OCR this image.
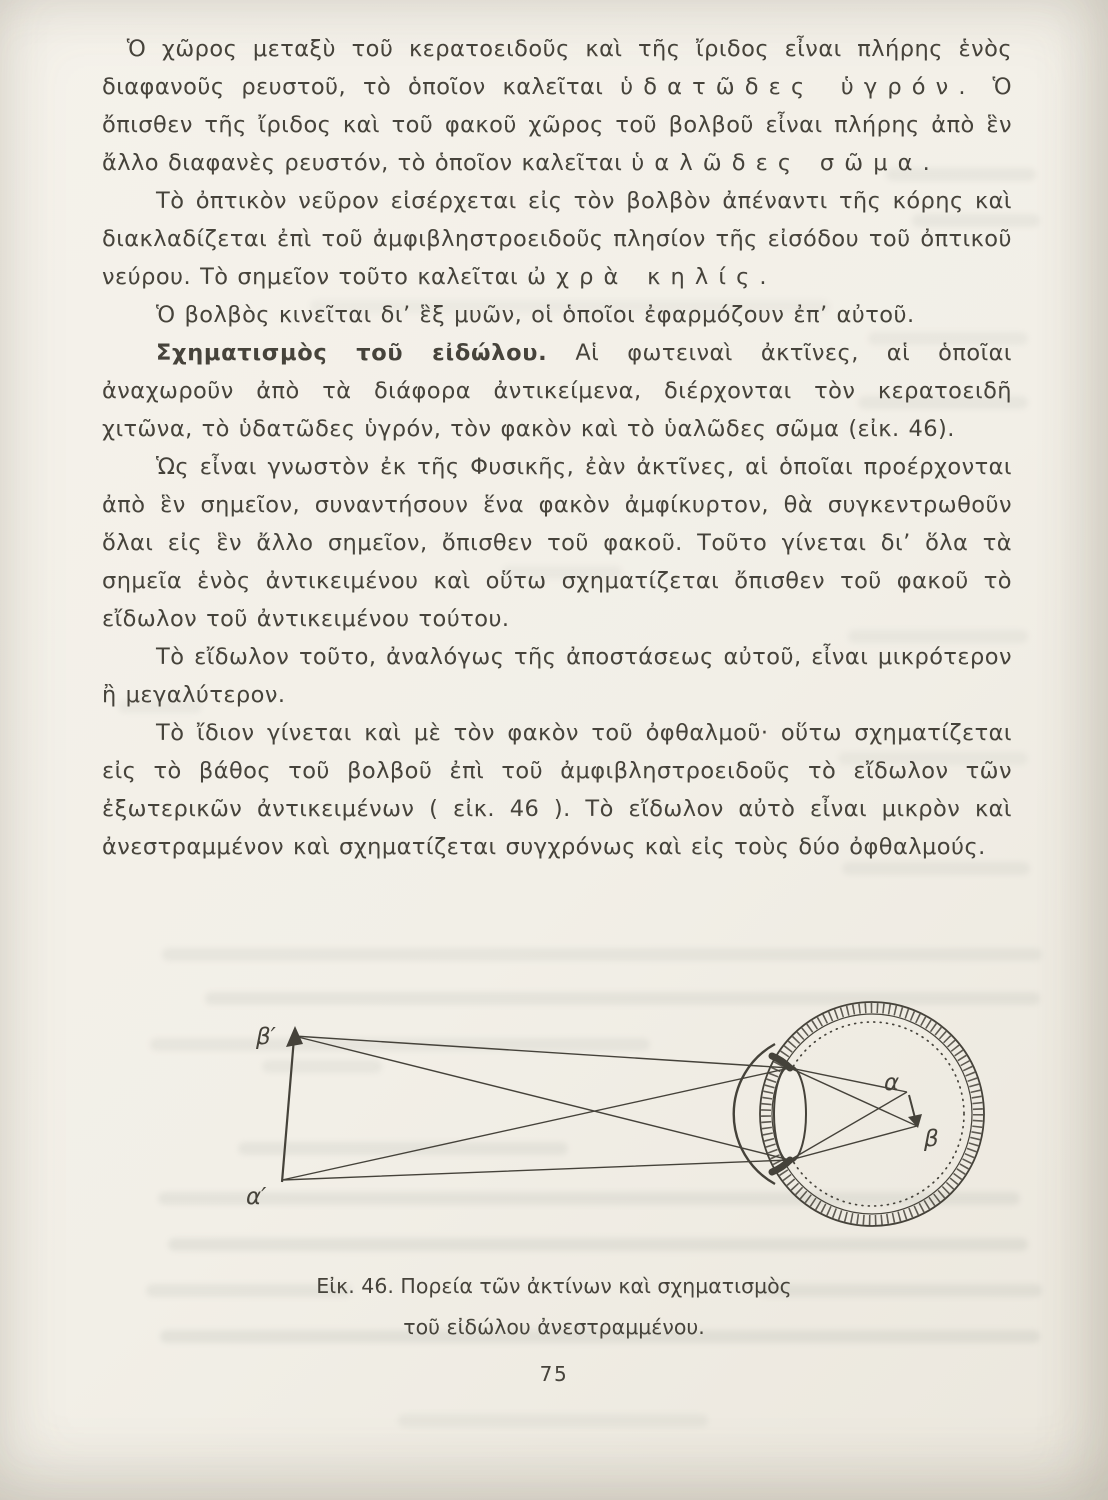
Ὁ χῶρος μεταξὺ τοῦ κερατοειδοῦς καὶ τῆς ἴριδος εἶναι πλήρης ἑνὸς διαφανοῦς ρευστοῦ, τὸ ὁποῖον καλεῖται ὑδατῶδες ὑγρόν. Ὁ ὄπισθεν τῆς ἴριδος καὶ τοῦ φακοῦ χῶρος τοῦ βολβοῦ εἶναι πλήρης ἀπὸ ἓν ἄλλο διαφανὲς ρευστόν, τὸ ὁποῖον καλεῖται ὑαλῶδες σῶμα.

Τὸ ὀπτικὸν νεῦρον εἰσέρχεται εἰς τὸν βολβὸν ἀπέναντι τῆς κόρης καὶ διακλαδίζεται ἐπὶ τοῦ ἀμφιβληστροειδοῦς πλησίον τῆς εἰσόδου τοῦ ὀπτικοῦ νεύρου. Τὸ σημεῖον τοῦτο καλεῖται ὠχρὰ κηλίς.

Ὁ βολβὸς κινεῖται δι’ ἓξ μυῶν, οἱ ὁποῖοι ἐφαρμόζουν ἐπ’ αὐτοῦ.

Σχηματισμὸς τοῦ εἰδώλου. Αἱ φωτειναὶ ἀκτῖνες, αἱ ὁποῖαι ἀναχωροῦν ἀπὸ τὰ διάφορα ἀντικείμενα, διέρχονται τὸν κερατοειδῆ χιτῶνα, τὸ ὑδατῶδες ὑγρόν, τὸν φακὸν καὶ τὸ ὑαλῶδες σῶμα (εἰκ. 46).

Ὡς εἶναι γνωστὸν ἐκ τῆς Φυσικῆς, ἐὰν ἀκτῖνες, αἱ ὁποῖαι προέρχονται ἀπὸ ἓν σημεῖον, συναντήσουν ἕνα φακὸν ἀμφίκυρτον, θὰ συγκεντρωθοῦν ὅλαι εἰς ἓν ἄλλο σημεῖον, ὄπισθεν τοῦ φακοῦ. Τοῦτο γίνεται δι’ ὅλα τὰ σημεῖα ἑνὸς ἀντικειμένου καὶ οὕτω σχηματίζεται ὄπισθεν τοῦ φακοῦ τὸ εἴδωλον τοῦ ἀντικειμένου τούτου.

Τὸ εἴδωλον τοῦτο, ἀναλόγως τῆς ἀποστάσεως αὐτοῦ, εἶναι μικρότερον ἢ μεγαλύτερον.

Τὸ ἴδιον γίνεται καὶ μὲ τὸν φακὸν τοῦ ὀφθαλμοῦ· οὕτω σχηματίζεται εἰς τὸ βάθος τοῦ βολβοῦ ἐπὶ τοῦ ἀμφιβληστροειδοῦς τὸ εἴδωλον τῶν ἐξωτερικῶν ἀντικειμένων ( εἰκ. 46 ). Τὸ εἴδωλον αὐτὸ εἶναι μικρὸν καὶ ἀνεστραμμένον καὶ σχηματίζεται συγχρόνως καὶ εἰς τοὺς δύο ὀφθαλμούς.

β′
α′
α
β
Εἰκ. 46. Πορεία τῶν ἀκτίνων καὶ σχηματισμὸς
τοῦ εἰδώλου ἀνεστραμμένου.
75
